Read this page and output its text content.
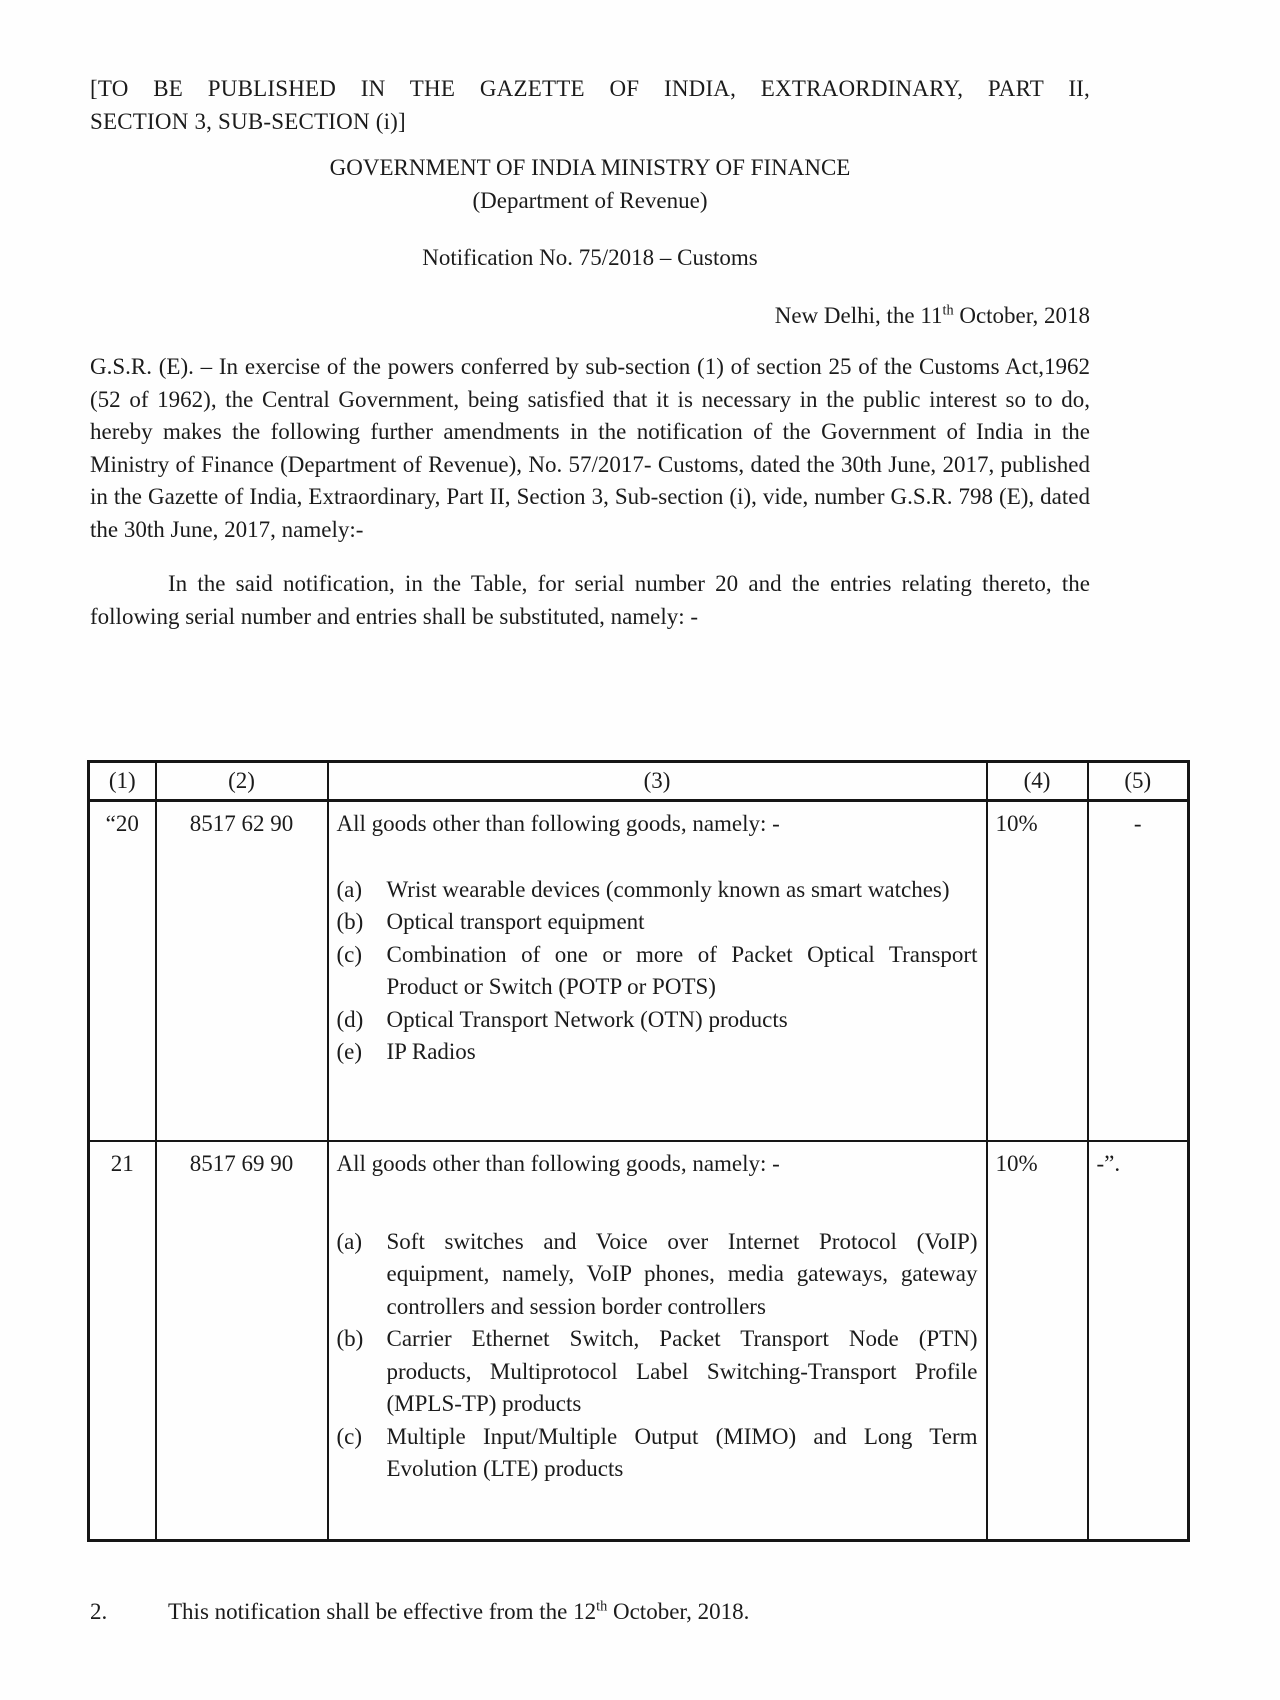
[TO BE PUBLISHED IN THE GAZETTE OF INDIA, EXTRAORDINARY, PART II,
SECTION 3, SUB-SECTION (i)]

GOVERNMENT OF INDIA MINISTRY OF FINANCE

(Department of Revenue)

Notification No. 75/2018 – Customs

New Delhi, the 11th October, 2018

G.S.R. (E). – In exercise of the powers conferred by sub-section (1) of section 25 of the Customs Act,1962 (52 of 1962), the Central Government, being satisfied that it is necessary in the public interest so to do, hereby makes the following further amendments in the notification of the Government of India in the Ministry of Finance (Department of Revenue), No. 57/2017- Customs, dated the 30th June, 2017, published in the Gazette of India, Extraordinary, Part II, Section 3, Sub-section (i), vide, number G.S.R. 798 (E), dated the 30th June, 2017, namely:-

In the said notification, in the Table, for serial number 20 and the entries relating thereto, the following serial number and entries shall be substituted, namely: -

(1)	(2)	(3)	(4)	(5)
“20	8517 62 90	All goods other than following goods, namely: -
(a) Wrist wearable devices (commonly known as smart watches)
(b) Optical transport equipment
(c) Combination of one or more of Packet Optical Transport Product or Switch (POTP or POTS)
(d) Optical Transport Network (OTN) products
(e) IP Radios
	10%	-
21	8517 69 90	All goods other than following goods, namely: -
(a) Soft switches and Voice over Internet Protocol (VoIP) equipment, namely, VoIP phones, media gateways, gateway controllers and session border controllers
(b) Carrier Ethernet Switch, Packet Transport Node (PTN) products, Multiprotocol Label Switching-Transport Profile (MPLS-TP) products
(c) Multiple Input/Multiple Output (MIMO) and Long Term Evolution (LTE) products
	10%	-”.

2.	This notification shall be effective from the 12th October, 2018.
